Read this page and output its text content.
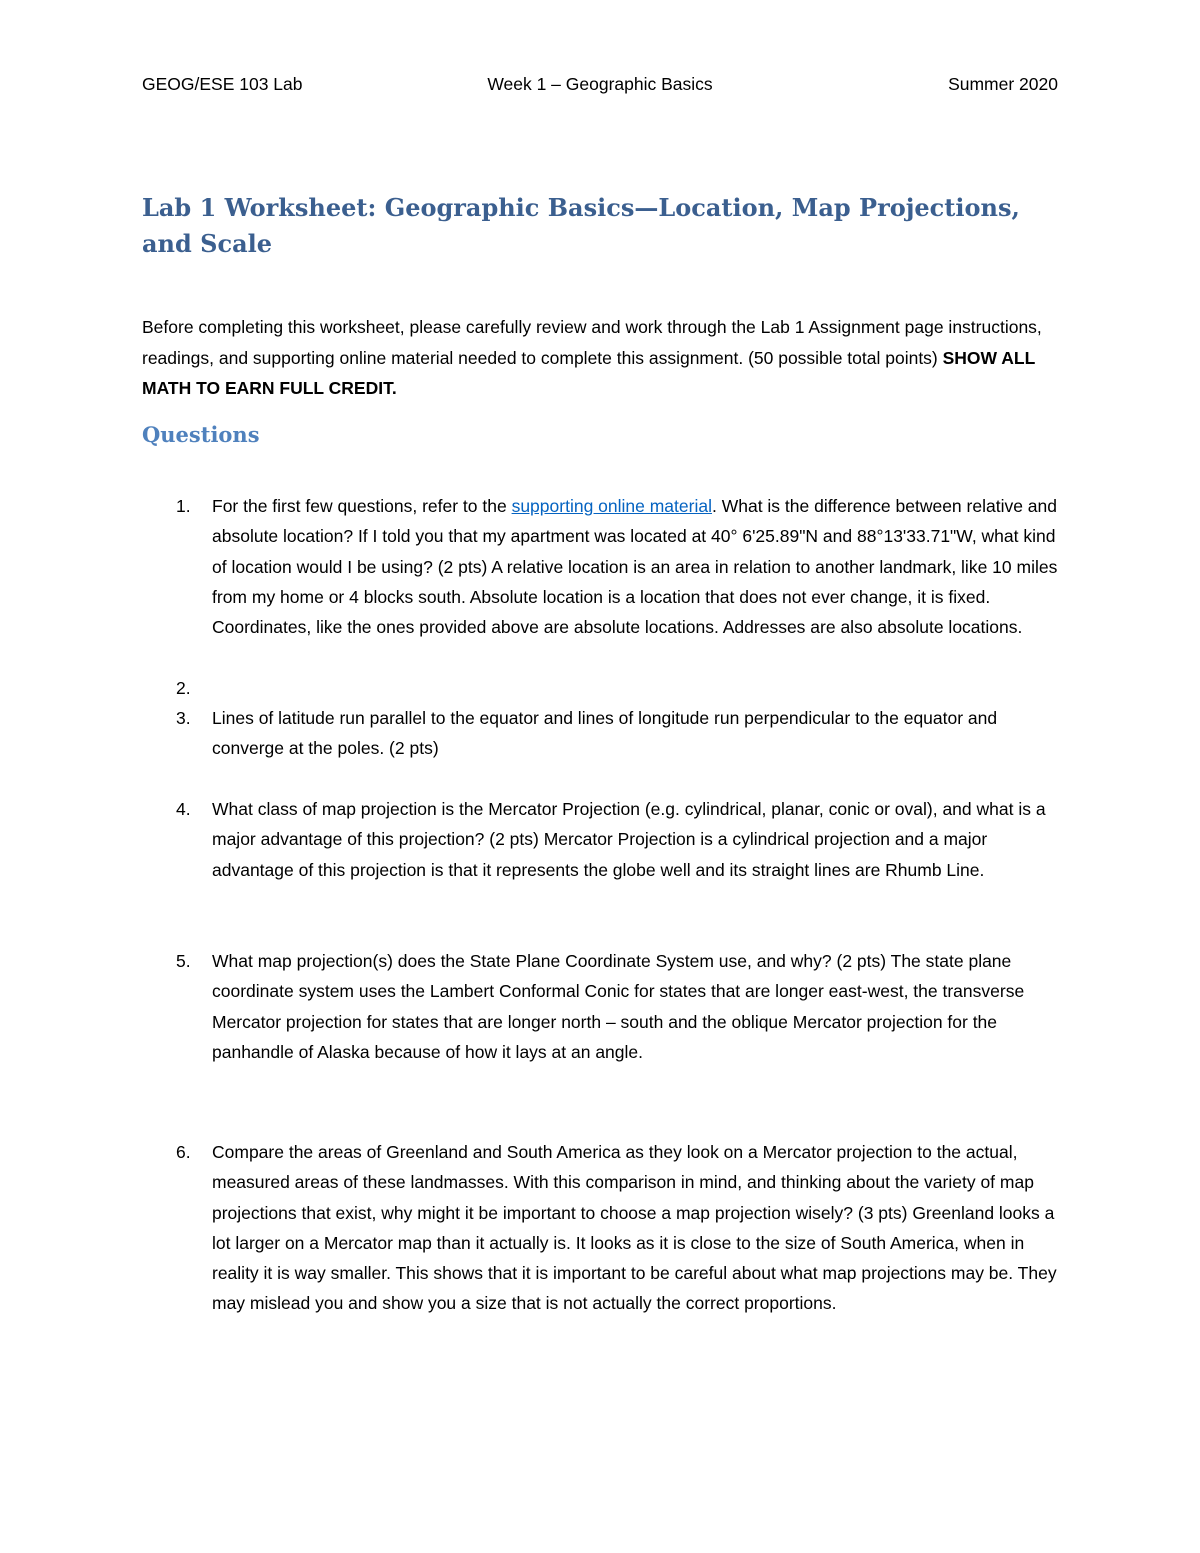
GEOG/ESE 103 Lab	Week 1 – Geographic Basics	Summer 2020
Lab 1 Worksheet: Geographic Basics—Location, Map Projections, and Scale

Before completing this worksheet, please carefully review and work through the Lab 1 Assignment page instructions, readings, and supporting online material needed to complete this assignment. (50 possible total points) SHOW ALL MATH TO EARN FULL CREDIT.

Questions
1.	For the first few questions, refer to the supporting online material. What is the difference between relative and absolute location? If I told you that my apartment was located at 40° 6'25.89"N and 88°13'33.71"W, what kind of location would I be using? (2 pts) A relative location is an area in relation to another landmark, like 10 miles from my home or 4 blocks south. Absolute location is a location that does not ever change, it is fixed. Coordinates, like the ones provided above are absolute locations. Addresses are also absolute locations.
2.
3.	Lines of latitude run parallel to the equator and lines of longitude run perpendicular to the equator and converge at the poles. (2 pts)
4.	What class of map projection is the Mercator Projection (e.g. cylindrical, planar, conic or oval), and what is a major advantage of this projection? (2 pts) Mercator Projection is a cylindrical projection and a major advantage of this projection is that it represents the globe well and its straight lines are Rhumb Line.
5.	What map projection(s) does the State Plane Coordinate System use, and why? (2 pts) The state plane coordinate system uses the Lambert Conformal Conic for states that are longer east-west, the transverse Mercator projection for states that are longer north – south and the oblique Mercator projection for the panhandle of Alaska because of how it lays at an angle.
6.	Compare the areas of Greenland and South America as they look on a Mercator projection to the actual, measured areas of these landmasses. With this comparison in mind, and thinking about the variety of map projections that exist, why might it be important to choose a map projection wisely? (3 pts) Greenland looks a lot larger on a Mercator map than it actually is. It looks as it is close to the size of South America, when in reality it is way smaller. This shows that it is important to be careful about what map projections may be. They may mislead you and show you a size that is not actually the correct proportions.
